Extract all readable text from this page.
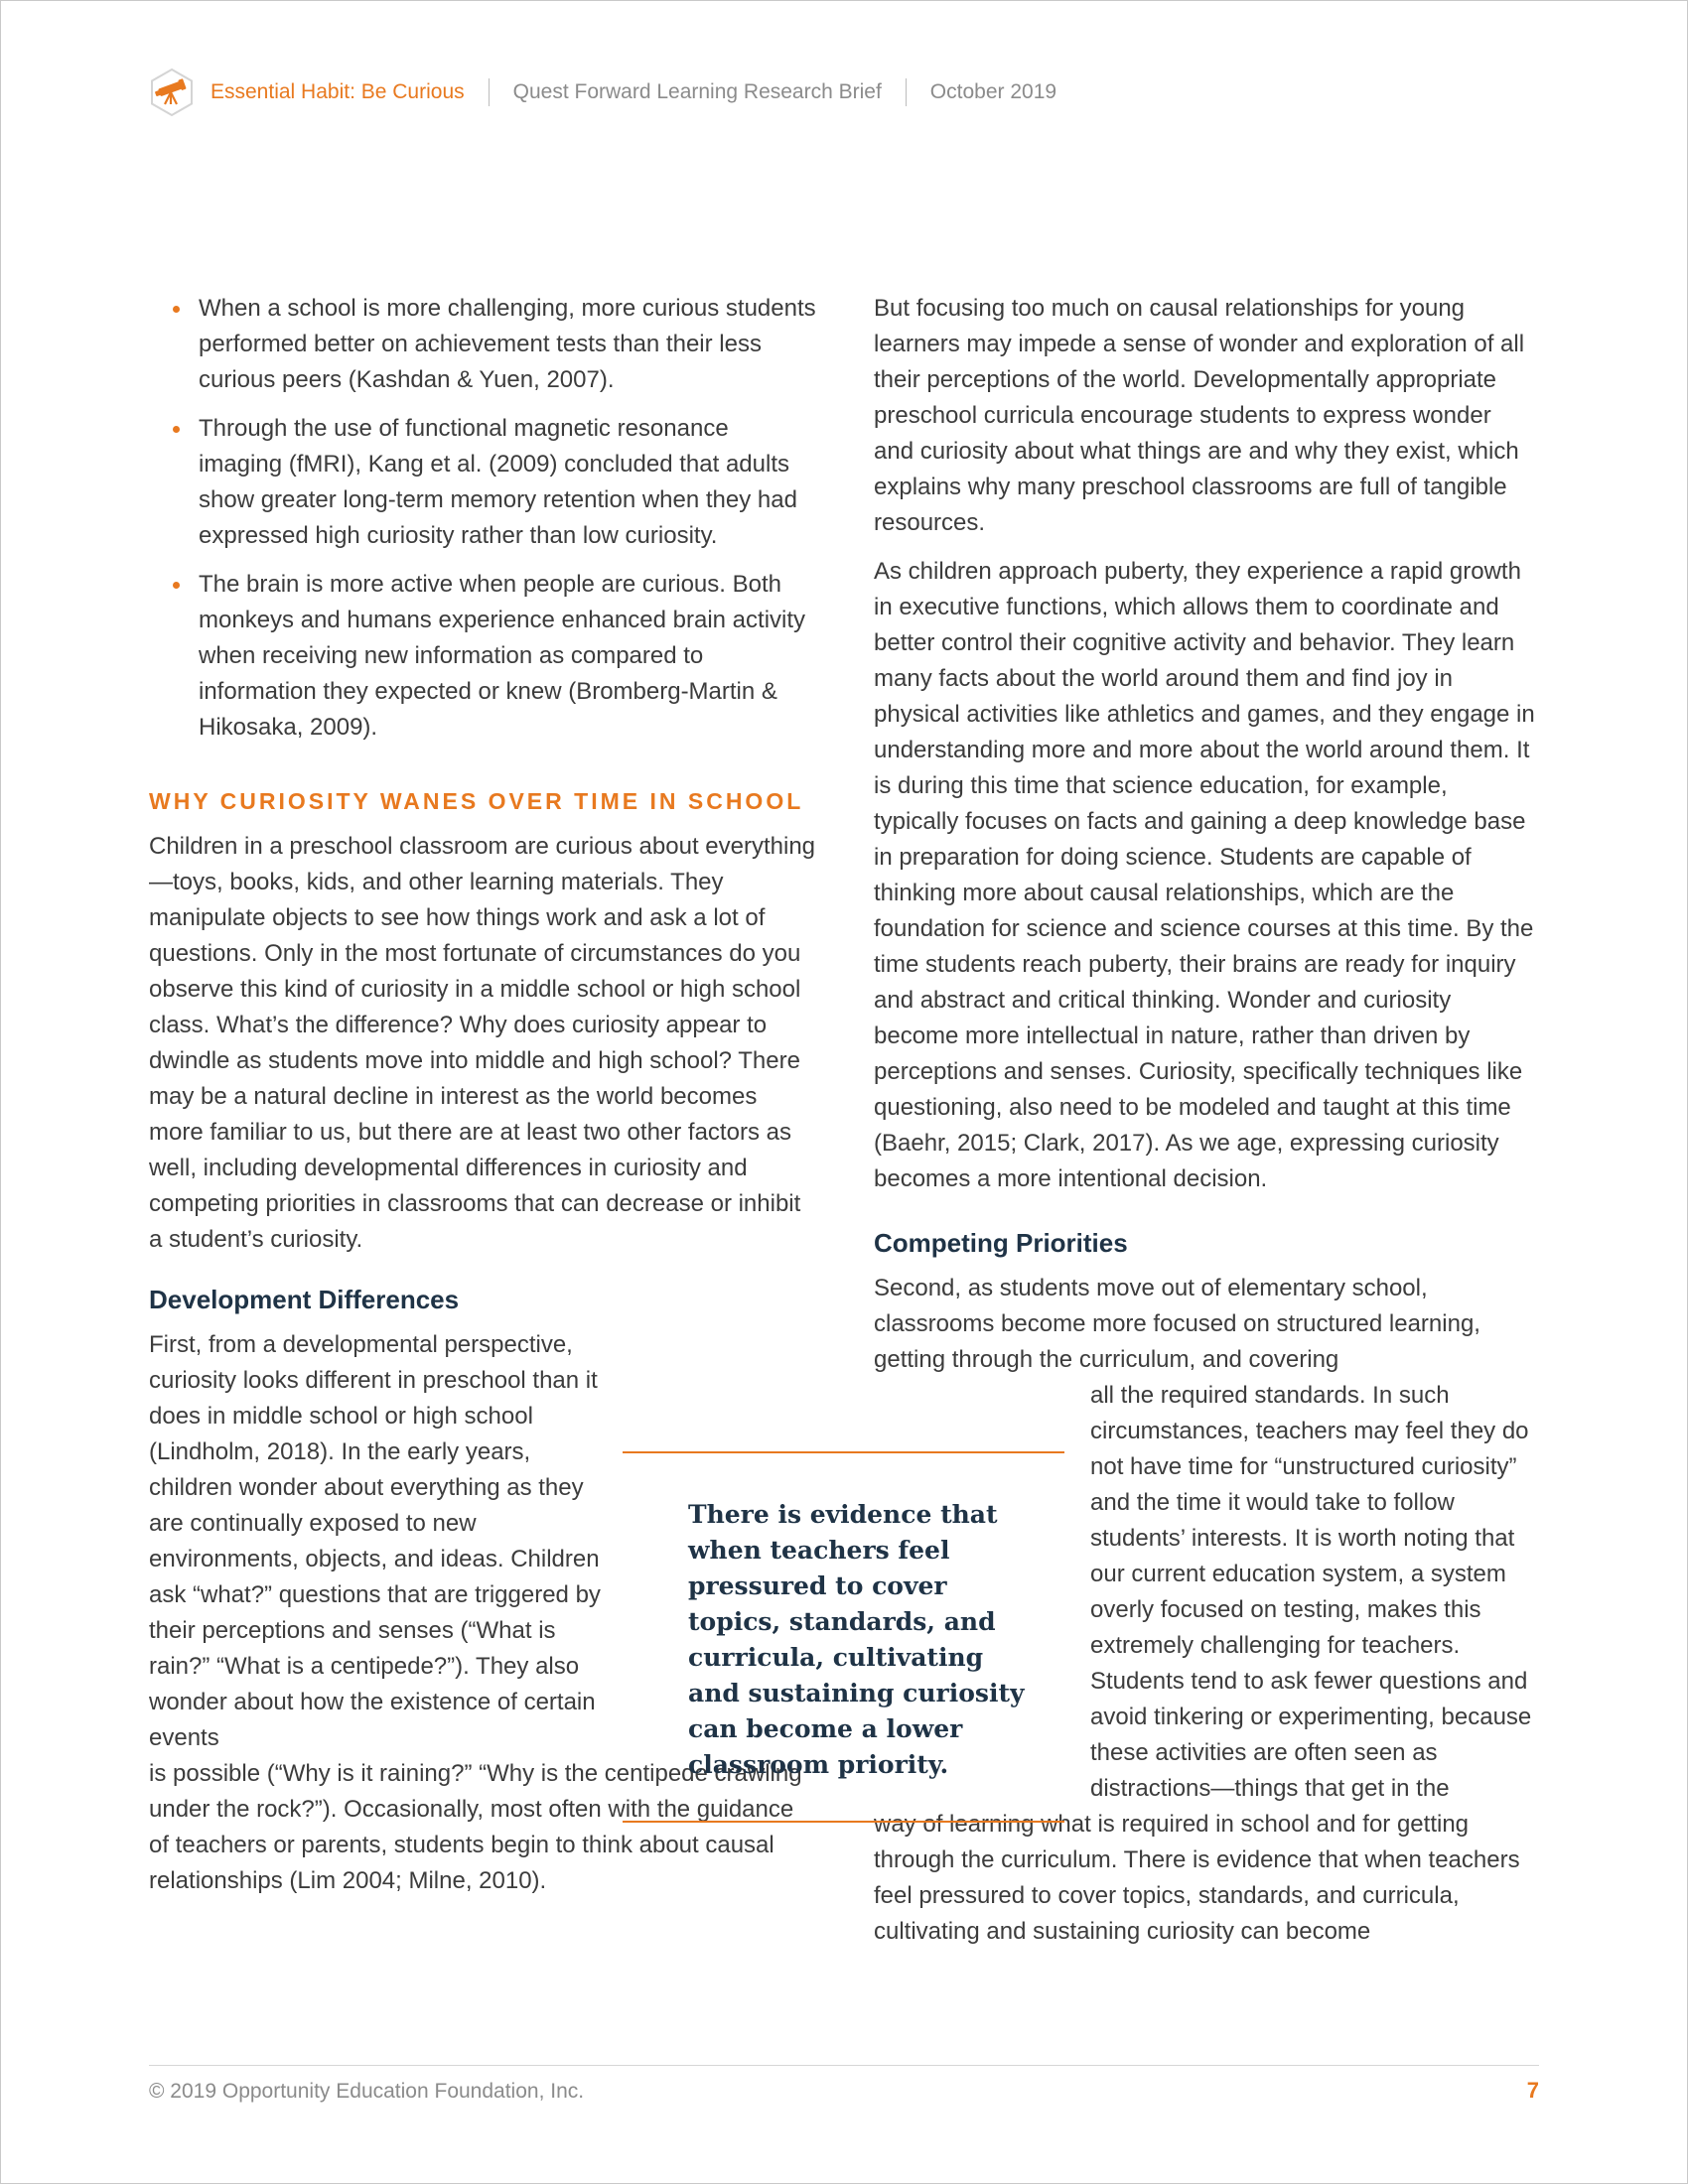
Essential Habit: Be Curious Quest Forward Learning Research Brief October 2019
When a school is more challenging, more curious students performed better on achievement tests than their less curious peers (Kashdan & Yuen, 2007).
Through the use of functional magnetic resonance imaging (fMRI), Kang et al. (2009) concluded that adults show greater long-term memory retention when they had expressed high curiosity rather than low curiosity.
The brain is more active when people are curious. Both monkeys and humans experience enhanced brain activity when receiving new information as compared to information they expected or knew (Bromberg-Martin & Hikosaka, 2009).
WHY CURIOSITY WANES OVER TIME IN SCHOOL

Children in a preschool classroom are curious about everything—toys, books, kids, and other learning materials. They manipulate objects to see how things work and ask a lot of questions. Only in the most fortunate of circumstances do you observe this kind of curiosity in a middle school or high school class. What’s the difference? Why does curiosity appear to dwindle as students move into middle and high school? There may be a natural decline in interest as the world becomes more familiar to us, but there are at least two other factors as well, including developmental differences in curiosity and competing priorities in classrooms that can decrease or inhibit a student’s curiosity.

Development Differences

First, from a developmental perspective, curiosity looks different in preschool than it does in middle school or high school (Lindholm, 2018). In the early years, children wonder about everything as they are continually exposed to new environments, objects, and ideas. Children ask “what?” questions that are triggered by their perceptions and senses (“What is rain?” “What is a centipede?”). They also wonder about how the existence of certain events

is possible (“Why is it raining?” “Why is the centipede crawling under the rock?”). Occasionally, most often with the guidance of teachers or parents, students begin to think about causal relationships (Lim 2004; Milne, 2010).

But focusing too much on causal relationships for young learners may impede a sense of wonder and exploration of all their perceptions of the world. Developmentally appropriate preschool curricula encourage students to express wonder and curiosity about what things are and why they exist, which explains why many preschool classrooms are full of tangible resources.

As children approach puberty, they experience a rapid growth in executive functions, which allows them to coordinate and better control their cognitive activity and behavior. They learn many facts about the world around them and find joy in physical activities like athletics and games, and they engage in understanding more and more about the world around them. It is during this time that science education, for example, typically focuses on facts and gaining a deep knowledge base in preparation for doing science. Students are capable of thinking more about causal relationships, which are the foundation for science and science courses at this time. By the time students reach puberty, their brains are ready for inquiry and abstract and critical thinking. Wonder and curiosity become more intellectual in nature, rather than driven by perceptions and senses. Curiosity, specifically techniques like questioning, also need to be modeled and taught at this time (Baehr, 2015; Clark, 2017). As we age, expressing curiosity becomes a more intentional decision.

Competing Priorities

Second, as students move out of elementary school, classrooms become more focused on structured learning, getting through the curriculum, and covering

all the required standards. In such circumstances, teachers may feel they do not have time for “unstructured curiosity” and the time it would take to follow students’ interests. It is worth noting that our current education system, a system overly focused on testing, makes this extremely challenging for teachers. Students tend to ask fewer questions and avoid tinkering or experimenting, because these activities are often seen as distractions—things that get in the

way of learning what is required in school and for getting through the curriculum. There is evidence that when teachers feel pressured to cover topics, standards, and curricula, cultivating and sustaining curiosity can become

There is evidence that when teachers feel pressured to cover topics, standards, and curricula, cultivating and sustaining curiosity can become a lower classroom priority.
© 2019 Opportunity Education Foundation, Inc.	7
